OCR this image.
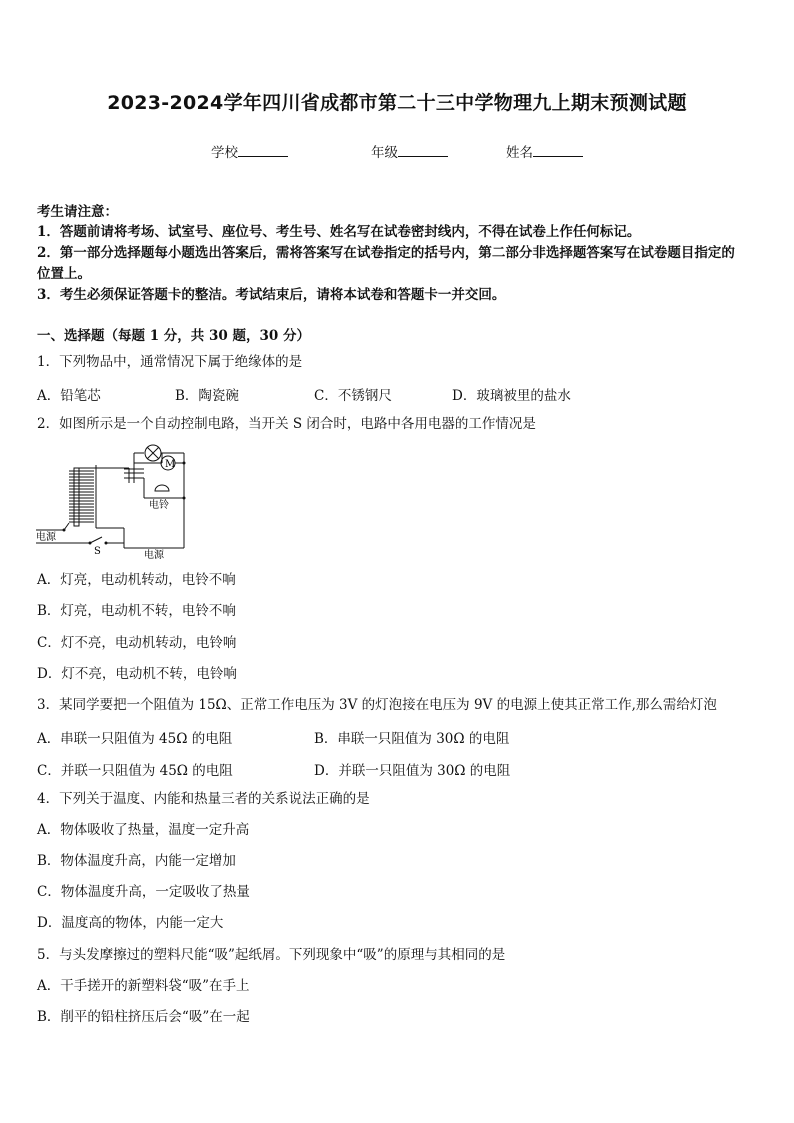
2023-2024学年四川省成都市第二十三中学物理九上期末预测试题
学校	年级	姓名
考生请注意：
1．答题前请将考场、试室号、座位号、考生号、姓名写在试卷密封线内，不得在试卷上作任何标记。
2．第一部分选择题每小题选出答案后，需将答案写在试卷指定的括号内，第二部分非选择题答案写在试卷题目指定的
位置上。
3．考生必须保证答题卡的整洁。考试结束后，请将本试卷和答题卡一并交回。
一、选择题（每题 1 分，共 30 题，30 分）
1．下列物品中，通常情况下属于绝缘体的是
A．铅笔芯	B．陶瓷碗	C．不锈钢尺	D．玻璃被里的盐水
2．如图所示是一个自动控制电路，当开关 S 闭合时，电路中各用电器的工作情况是
M
电铃
电源
S	电源
A．灯亮，电动机转动，电铃不响
B．灯亮，电动机不转，电铃不响
C．灯不亮，电动机转动，电铃响
D．灯不亮，电动机不转，电铃响
3．某同学要把一个阻值为 15Ω、正常工作电压为 3V 的灯泡接在电压为 9V 的电源上使其正常工作,那么需给灯泡
A．串联一只阻值为 45Ω 的电阻	B．串联一只阻值为 30Ω 的电阻
C．并联一只阻值为 45Ω 的电阻	D．并联一只阻值为 30Ω 的电阻
4．下列关于温度、内能和热量三者的关系说法正确的是
A．物体吸收了热量，温度一定升高
B．物体温度升高，内能一定增加
C．物体温度升高，一定吸收了热量
D．温度高的物体，内能一定大
5．与头发摩擦过的塑料尺能“吸”起纸屑。下列现象中“吸”的原理与其相同的是
A．干手搓开的新塑料袋“吸”在手上
B．削平的铅柱挤压后会“吸”在一起
